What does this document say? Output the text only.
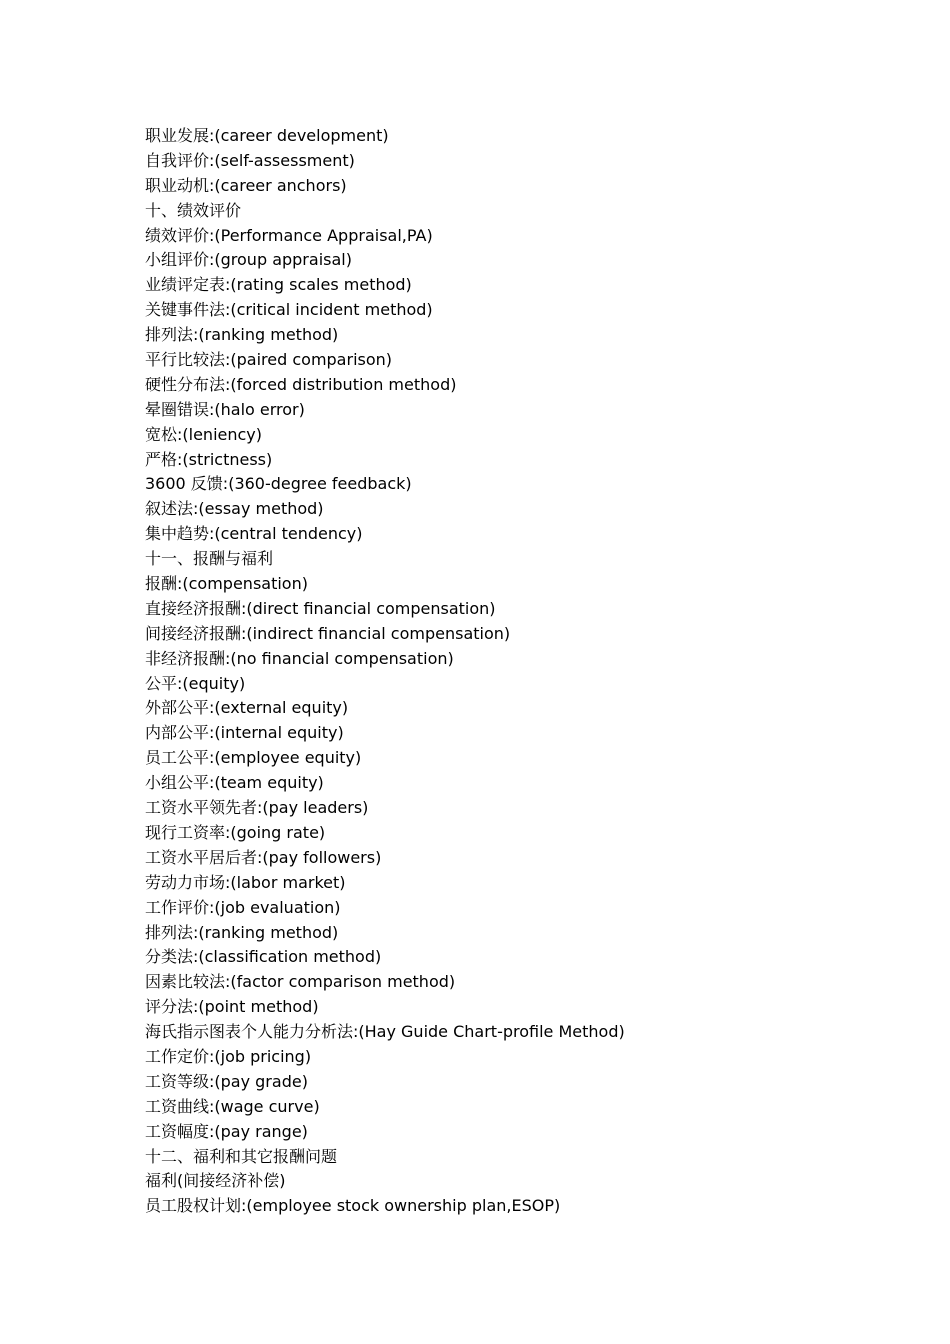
职业发展:(career development)
自我评价:(self-assessment)
职业动机:(career anchors)
十、绩效评价
绩效评价:(Performance Appraisal,PA)
小组评价:(group appraisal)
业绩评定表:(rating scales method)
关键事件法:(critical incident method)
排列法:(ranking method)
平行比较法:(paired comparison)
硬性分布法:(forced distribution method)
晕圈错误:(halo error)
宽松:(leniency)
严格:(strictness)
3600 反馈:(360-degree feedback)
叙述法:(essay method)
集中趋势:(central tendency)
十一、报酬与福利
报酬:(compensation)
直接经济报酬:(direct financial compensation)
间接经济报酬:(indirect financial compensation)
非经济报酬:(no financial compensation)
公平:(equity)
外部公平:(external equity)
内部公平:(internal equity)
员工公平:(employee equity)
小组公平:(team equity)
工资水平领先者:(pay leaders)
现行工资率:(going rate)
工资水平居后者:(pay followers)
劳动力市场:(labor market)
工作评价:(job evaluation)
排列法:(ranking method)
分类法:(classification method)
因素比较法:(factor comparison method)
评分法:(point method)
海氏指示图表个人能力分析法:(Hay Guide Chart-profile Method)
工作定价:(job pricing)
工资等级:(pay grade)
工资曲线:(wage curve)
工资幅度:(pay range)
十二、福利和其它报酬问题
福利(间接经济补偿)
员工股权计划:(employee stock ownership plan,ESOP)
